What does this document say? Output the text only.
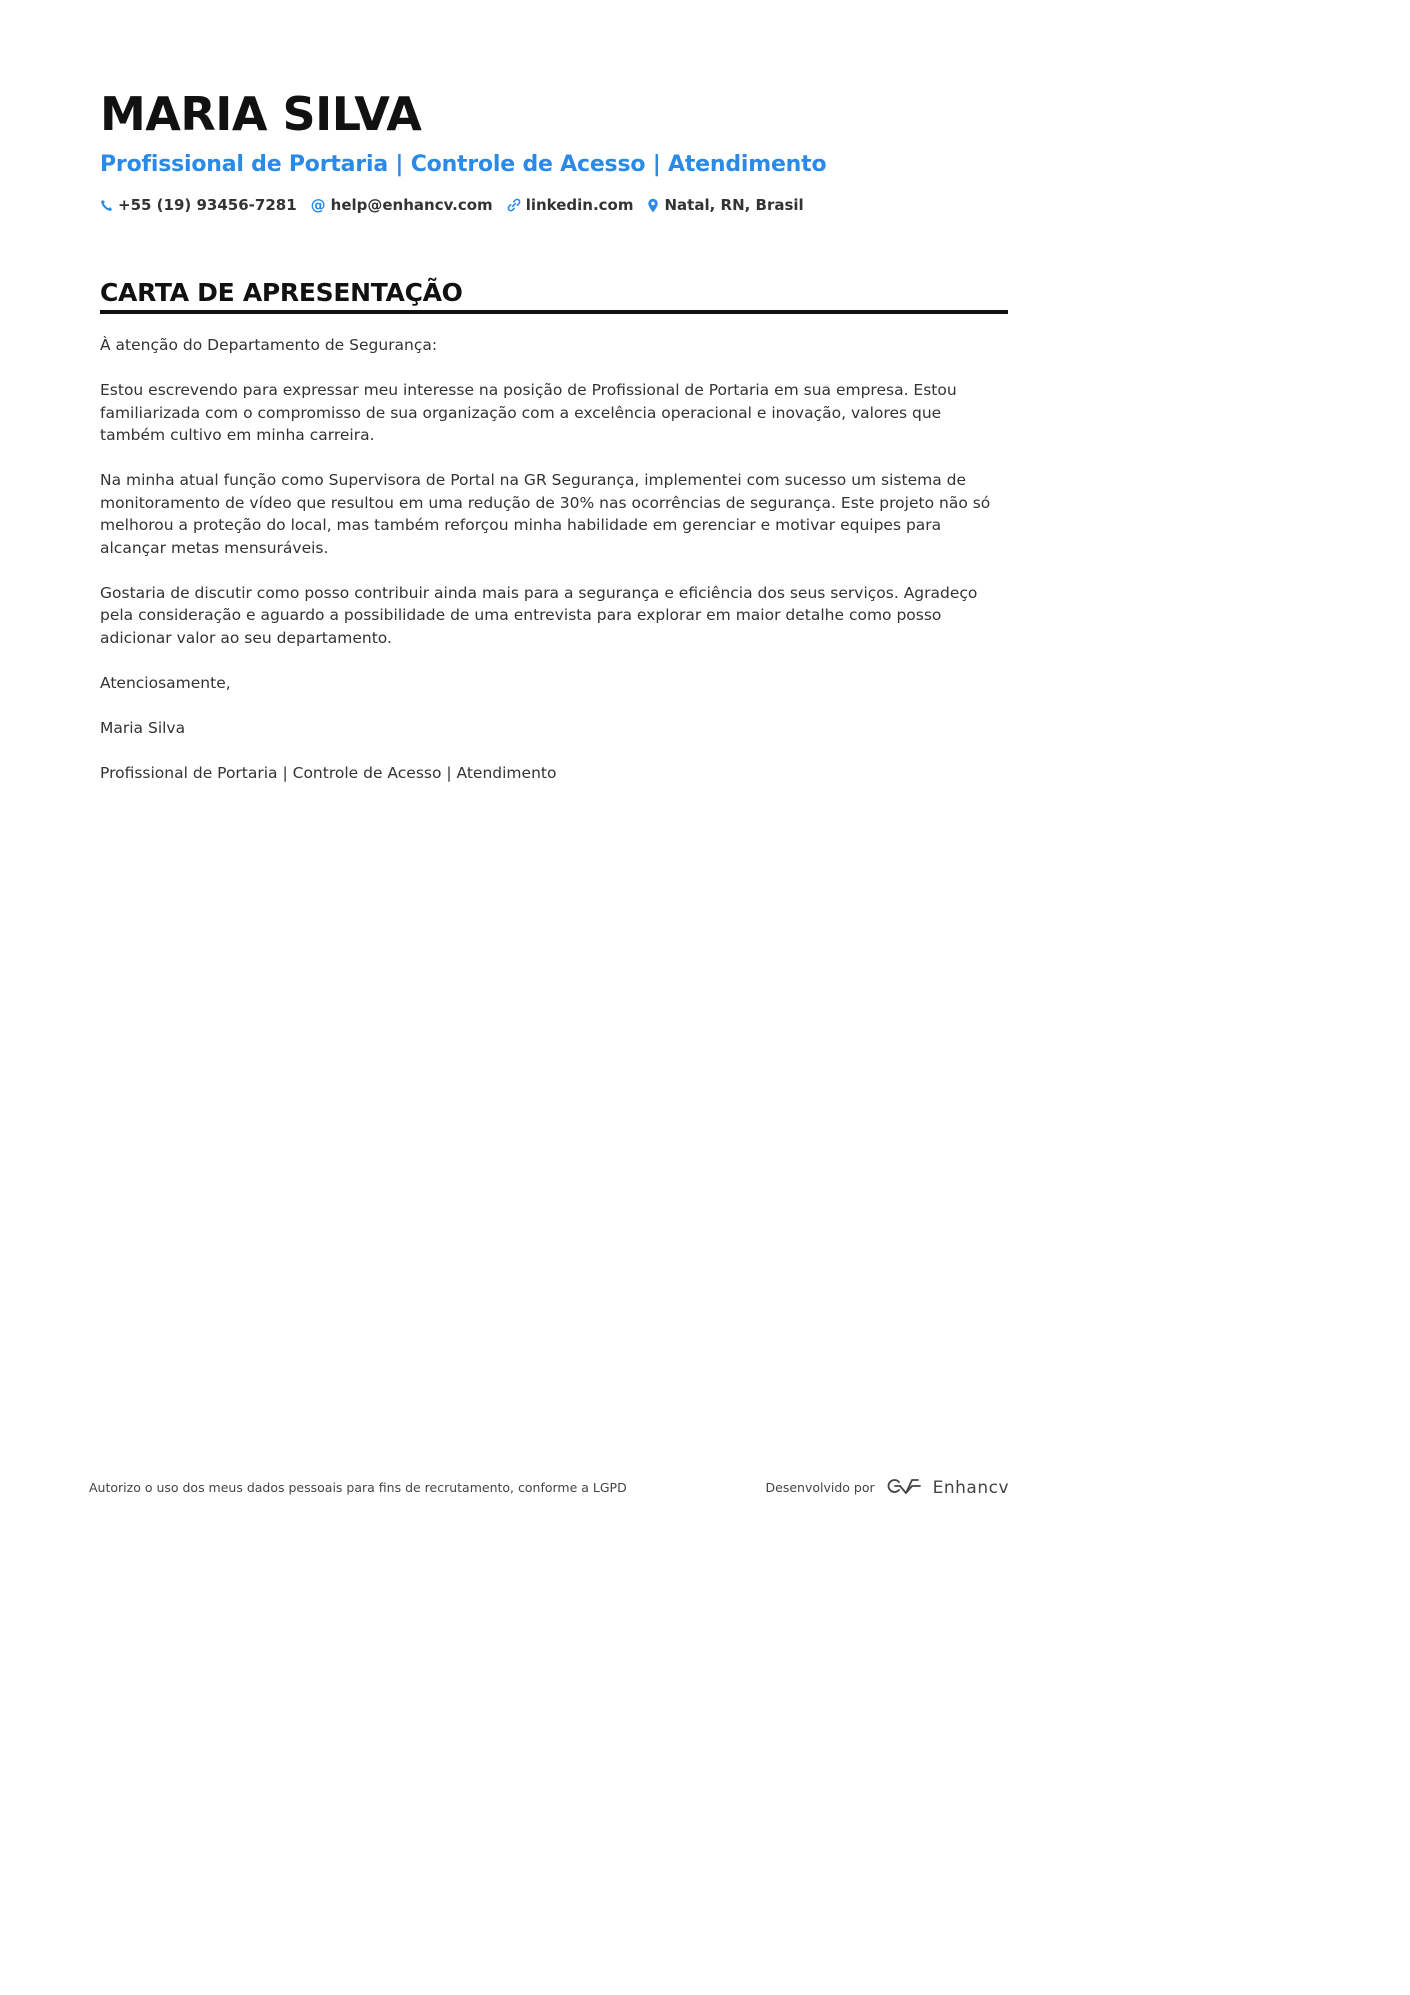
MARIA SILVA
Profissional de Portaria | Controle de Acesso | Atendimento
+55 (19) 93456-7281 @ help@enhancv.com linkedin.com Natal, RN, Brasil
CARTA DE APRESENTAÇÃO

À atenção do Departamento de Segurança:

Estou escrevendo para expressar meu interesse na posição de Profissional de Portaria em sua empresa. Estou familiarizada com o compromisso de sua organização com a excelência operacional e inovação, valores que também cultivo em minha carreira.

Na minha atual função como Supervisora de Portal na GR Segurança, implementei com sucesso um sistema de monitoramento de vídeo que resultou em uma redução de 30% nas ocorrências de segurança. Este projeto não só melhorou a proteção do local, mas também reforçou minha habilidade em gerenciar e motivar equipes para alcançar metas mensuráveis.

Gostaria de discutir como posso contribuir ainda mais para a segurança e eficiência dos seus serviços. Agradeço pela consideração e aguardo a possibilidade de uma entrevista para explorar em maior detalhe como posso adicionar valor ao seu departamento.

Atenciosamente,

Maria Silva

Profissional de Portaria | Controle de Acesso | Atendimento

Autorizo o uso dos meus dados pessoais para fins de recrutamento, conforme a LGPD	Desenvolvido por	Enhancv
